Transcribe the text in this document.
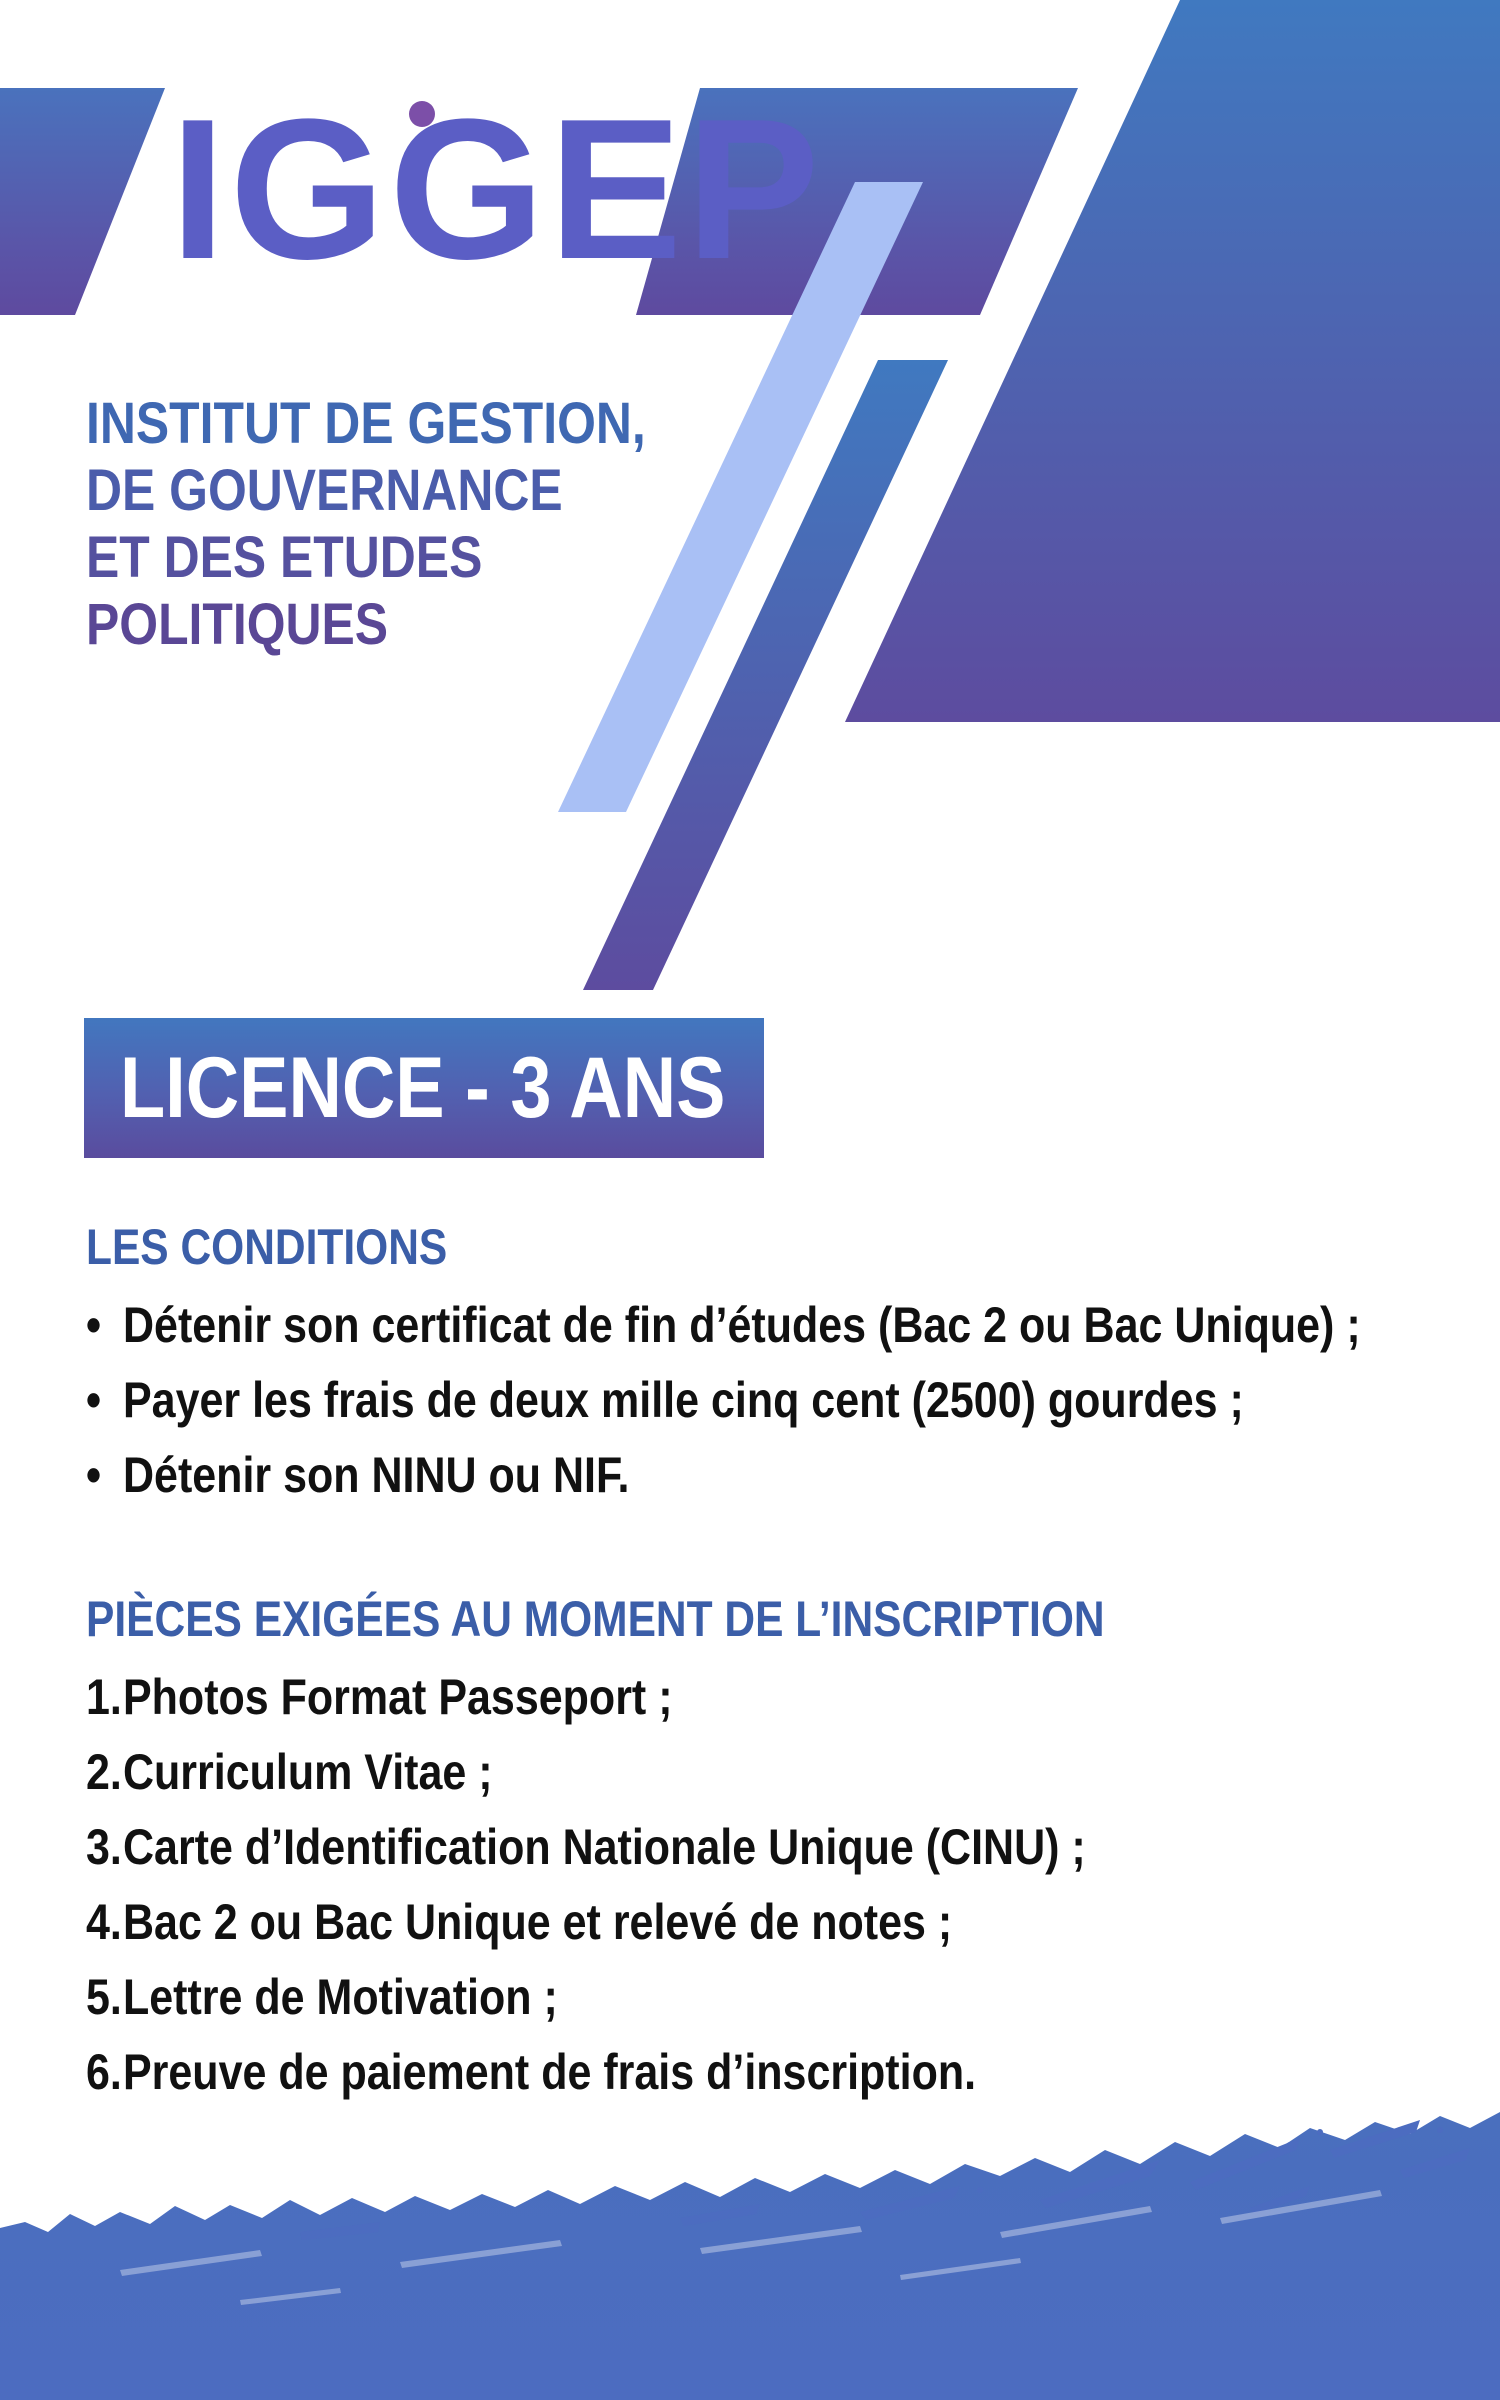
IGGEP
INSTITUT DE GESTION,
DE GOUVERNANCE
ET DES ETUDES
POLITIQUES
LICENCE - 3 ANS
LES CONDITIONS
• Détenir son certificat de fin d’études (Bac 2 ou Bac Unique) ;
• Payer les frais de deux mille cinq cent (2500) gourdes ;
• Détenir son NINU ou NIF.
PIÈCES EXIGÉES AU MOMENT DE L’INSCRIPTION
1.Photos Format Passeport ;
2.Curriculum Vitae ;
3.Carte d’Identification Nationale Unique (CINU) ;
4.Bac 2 ou Bac Unique et relevé de notes ;
5.Lettre de Motivation ;
6.Preuve de paiement de frais d’inscription.
